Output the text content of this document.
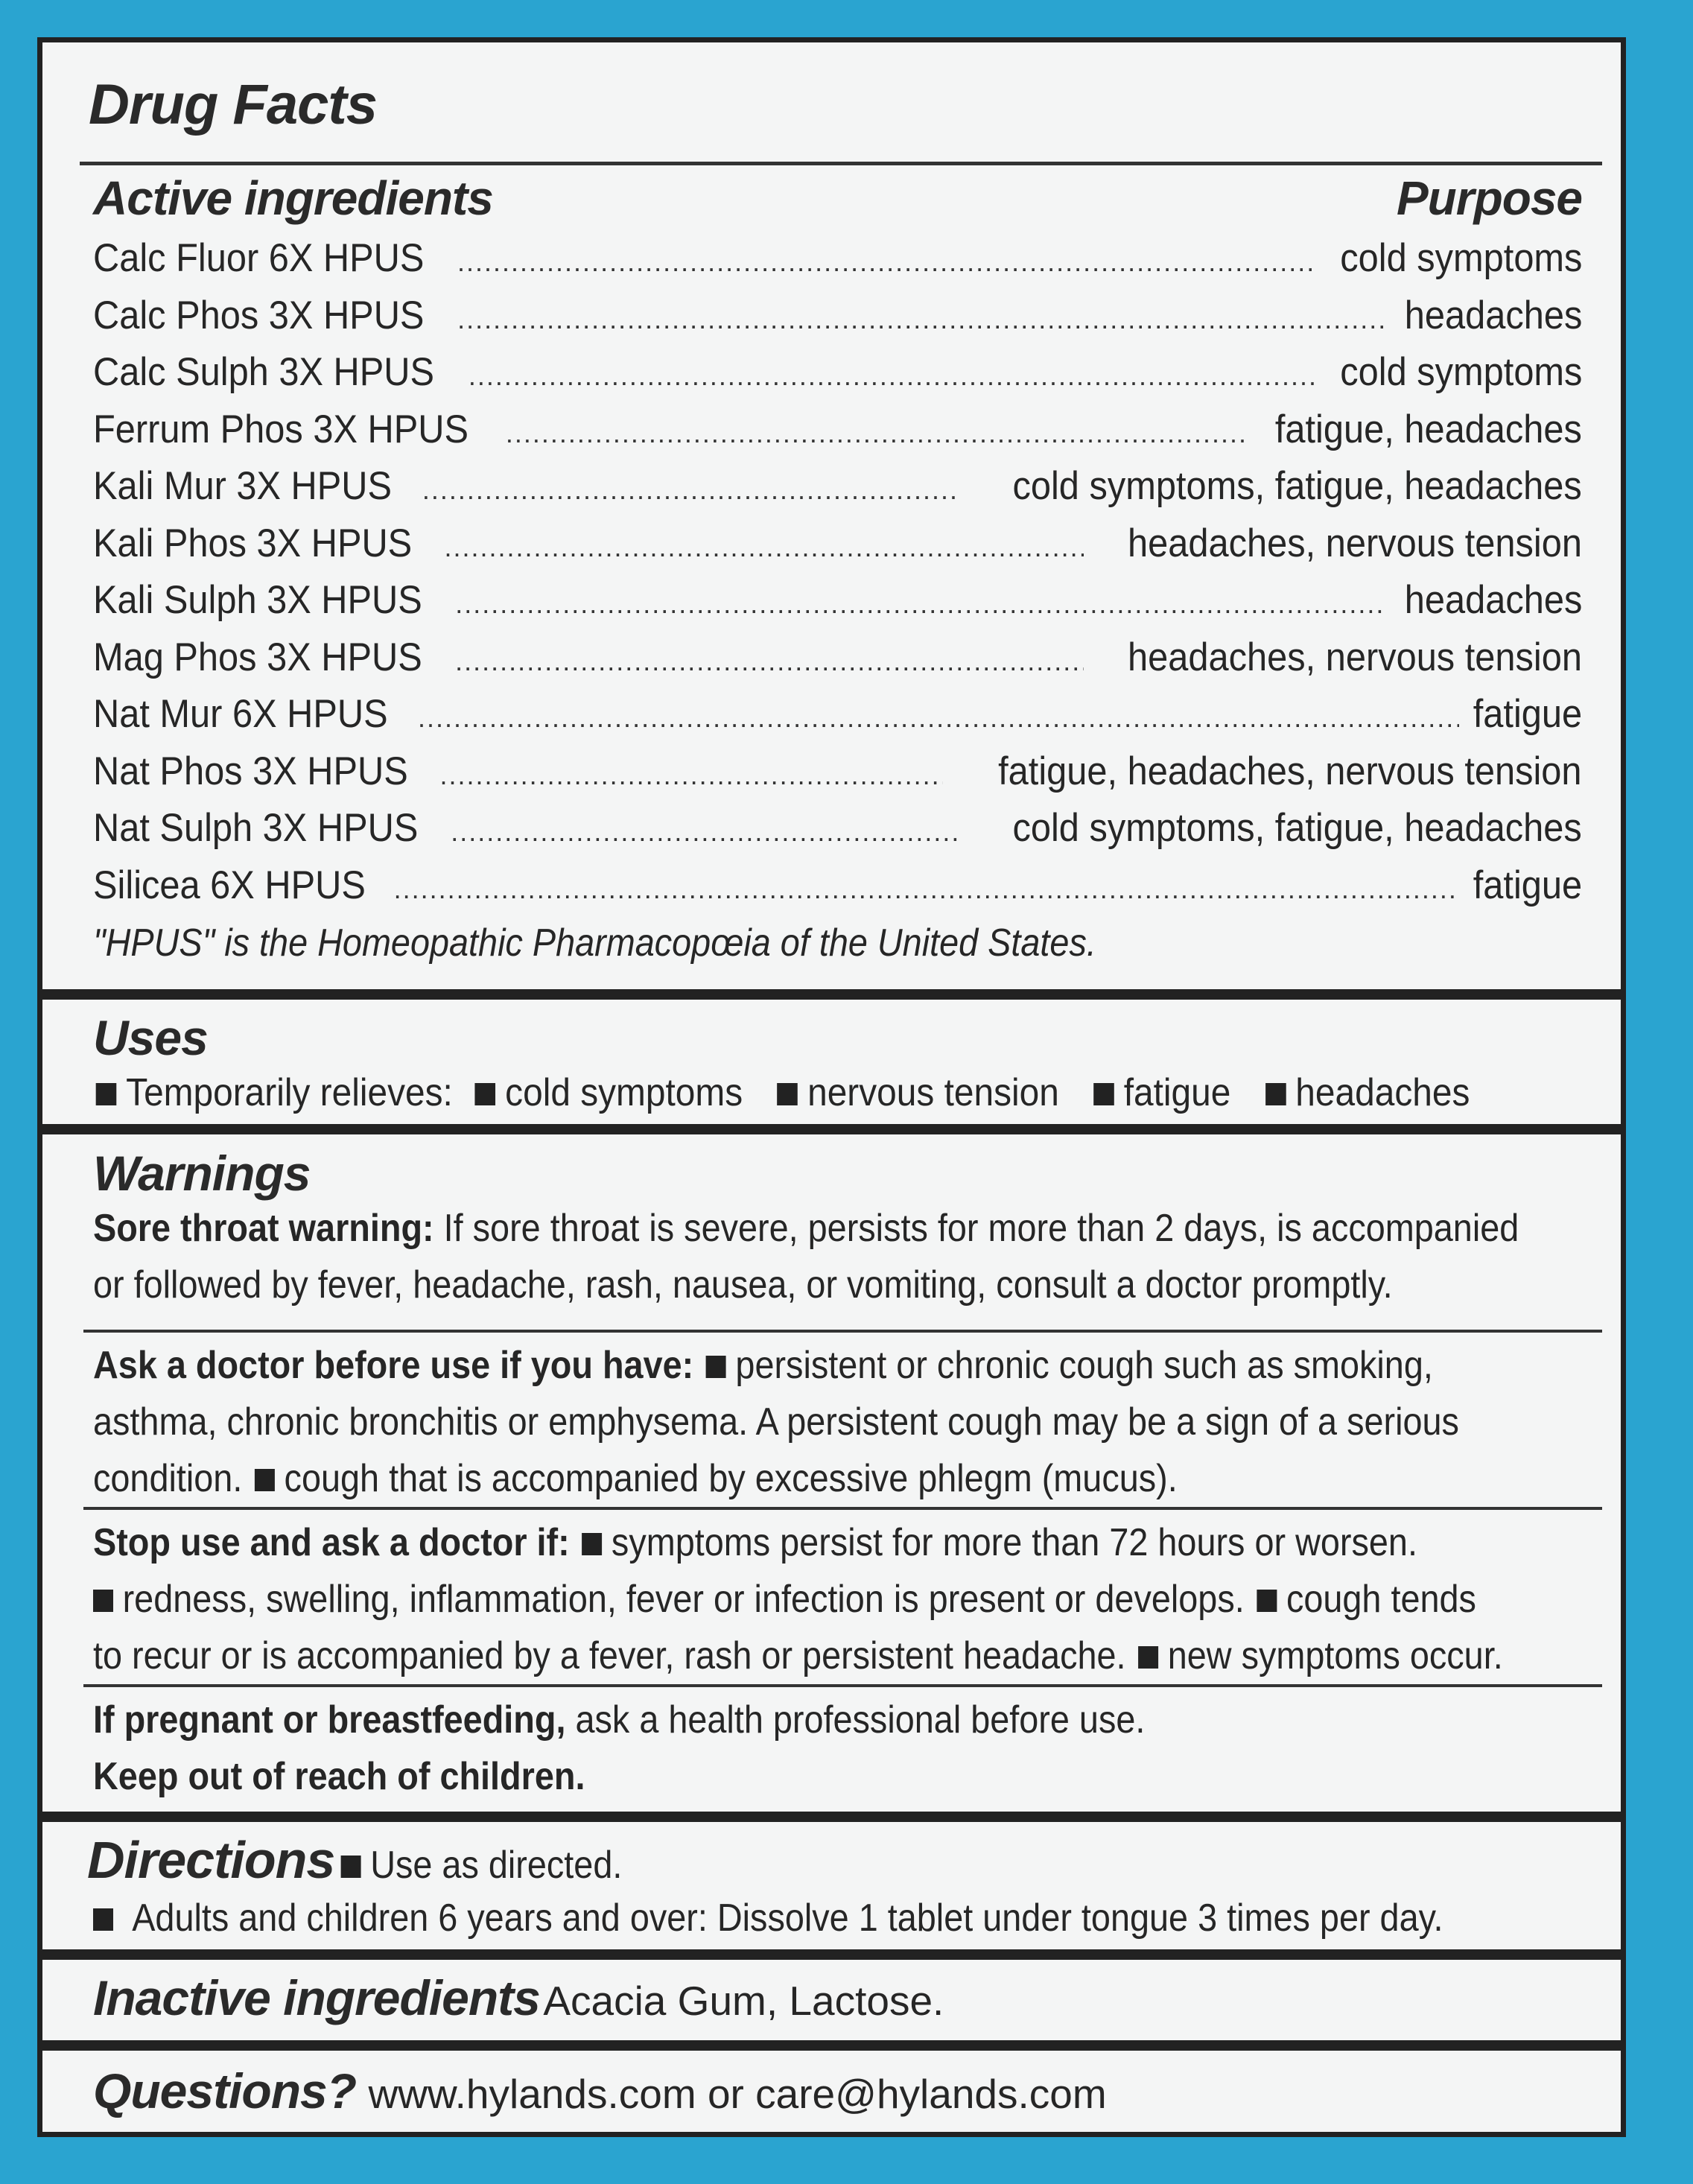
Drug Facts
Active ingredients	Purpose
Calc Fluor 6X HPUS .....	cold symptoms
Calc Phos 3X HPUS .....	headaches
Calc Sulph 3X HPUS .....	cold symptoms
Ferrum Phos 3X HPUS .....	fatigue, headaches
Kali Mur 3X HPUS .....	cold symptoms, fatigue, headaches
Kali Phos 3X HPUS .....	headaches, nervous tension
Kali Sulph 3X HPUS .....	headaches
Mag Phos 3X HPUS .....	headaches, nervous tension
Nat Mur 6X HPUS .....	fatigue
Nat Phos 3X HPUS .....	fatigue, headaches, nervous tension
Nat Sulph 3X HPUS .....	cold symptoms, fatigue, headaches
Silicea 6X HPUS .....	fatigue
"HPUS" is the Homeopathic Pharmacopœia of the United States.
Uses
Temporarily relieves: cold symptoms nervous tension fatigue headaches
Warnings
Sore throat warning: If sore throat is severe, persists for more than 2 days, is accompanied
or followed by fever, headache, rash, nausea, or vomiting, consult a doctor promptly.
Ask a doctor before use if you have: persistent or chronic cough such as smoking,
asthma, chronic bronchitis or emphysema. A persistent cough may be a sign of a serious
condition. cough that is accompanied by excessive phlegm (mucus).
Stop use and ask a doctor if: symptoms persist for more than 72 hours or worsen.
redness, swelling, inflammation, fever or infection is present or develops. cough tends
to recur or is accompanied by a fever, rash or persistent headache. new symptoms occur.
If pregnant or breastfeeding, ask a health professional before use.
Keep out of reach of children.
Directions Use as directed.
Adults and children 6 years and over: Dissolve 1 tablet under tongue 3 times per day.
Inactive ingredients Acacia Gum, Lactose.
Questions? www.hylands.com or care@hylands.com
